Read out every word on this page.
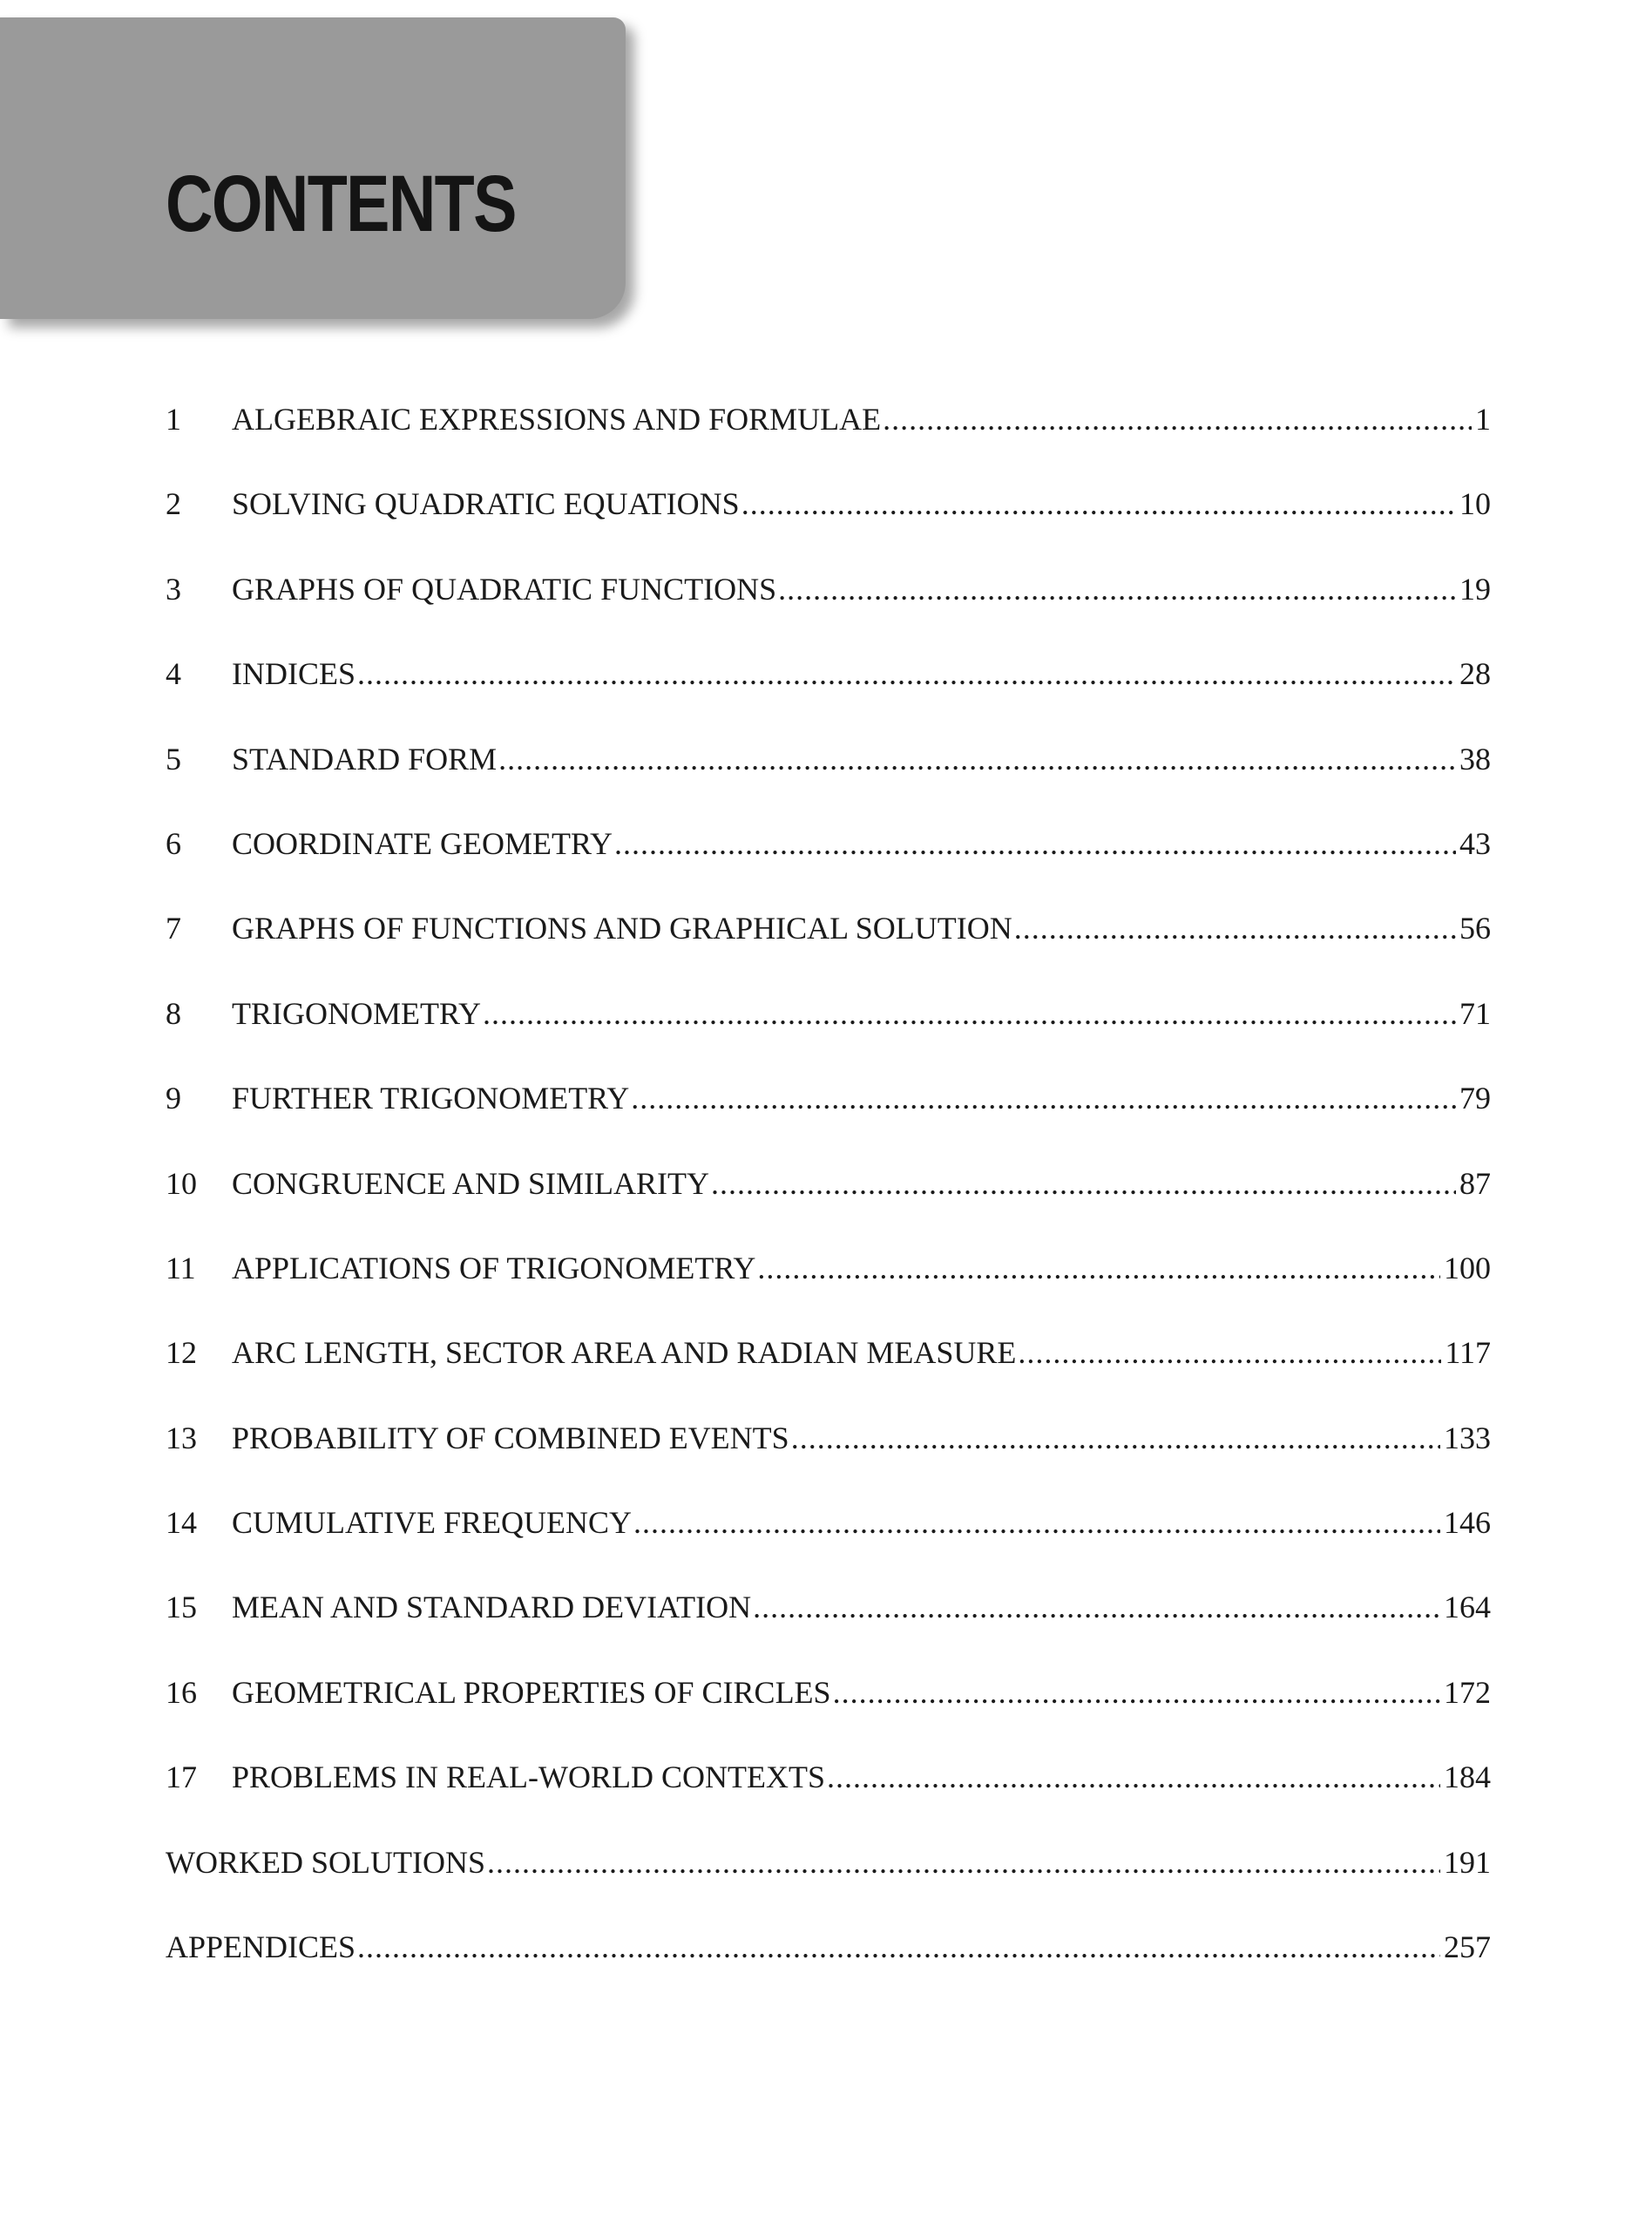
CONTENTS
1	ALGEBRAIC EXPRESSIONS AND FORMULAE .....	1
2	SOLVING QUADRATIC EQUATIONS .....	10
3	GRAPHS OF QUADRATIC FUNCTIONS .....	19
4	INDICES .....	28
5	STANDARD FORM .....	38
6	COORDINATE GEOMETRY .....	43
7	GRAPHS OF FUNCTIONS AND GRAPHICAL SOLUTION .....	56
8	TRIGONOMETRY .....	71
9	FURTHER TRIGONOMETRY .....	79
10	CONGRUENCE AND SIMILARITY .....	87
11	APPLICATIONS OF TRIGONOMETRY .....	100
12	ARC LENGTH, SECTOR AREA AND RADIAN MEASURE .....	117
13	PROBABILITY OF COMBINED EVENTS .....	133
14	CUMULATIVE FREQUENCY .....	146
15	MEAN AND STANDARD DEVIATION .....	164
16	GEOMETRICAL PROPERTIES OF CIRCLES .....	172
17	PROBLEMS IN REAL-WORLD CONTEXTS .....	184
WORKED SOLUTIONS .....	191
APPENDICES .....	257
